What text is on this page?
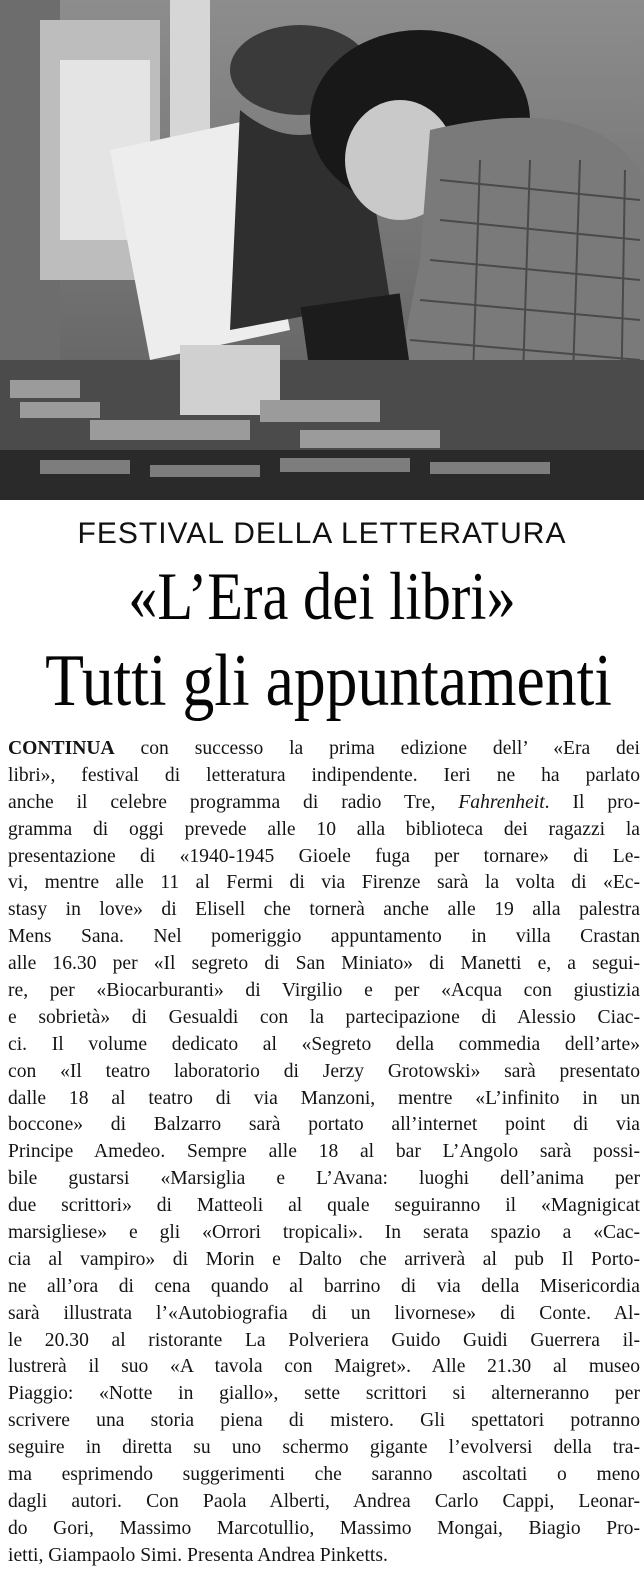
FESTIVAL DELLA LETTERATURA
«L’Era dei libri»
Tutti gli appuntamenti
CONTINUA con successo la prima edizione dell’ «Era dei
libri», festival di letteratura indipendente. Ieri ne ha parlato
anche il celebre programma di radio Tre, Fahrenheit. Il pro-
gramma di oggi prevede alle 10 alla biblioteca dei ragazzi la
presentazione di «1940-1945 Gioele fuga per tornare» di Le-
vi, mentre alle 11 al Fermi di via Firenze sarà la volta di «Ec-
stasy in love» di Elisell che tornerà anche alle 19 alla palestra
Mens Sana. Nel pomeriggio appuntamento in villa Crastan
alle 16.30 per «Il segreto di San Miniato» di Manetti e, a segui-
re, per «Biocarburanti» di Virgilio e per «Acqua con giustizia
e sobrietà» di Gesualdi con la partecipazione di Alessio Ciac-
ci. Il volume dedicato al «Segreto della commedia dell’arte»
con «Il teatro laboratorio di Jerzy Grotowski» sarà presentato
dalle 18 al teatro di via Manzoni, mentre «L’infinito in un
boccone» di Balzarro sarà portato all’internet point di via
Principe Amedeo. Sempre alle 18 al bar L’Angolo sarà possi-
bile gustarsi «Marsiglia e L’Avana: luoghi dell’anima per
due scrittori» di Matteoli al quale seguiranno il «Magnigicat
marsigliese» e gli «Orrori tropicali». In serata spazio a «Cac-
cia al vampiro» di Morin e Dalto che arriverà al pub Il Porto-
ne all’ora di cena quando al barrino di via della Misericordia
sarà illustrata l’«Autobiografia di un livornese» di Conte. Al-
le 20.30 al ristorante La Polveriera Guido Guidi Guerrera il-
lustrerà il suo «A tavola con Maigret». Alle 21.30 al museo
Piaggio: «Notte in giallo», sette scrittori si alterneranno per
scrivere una storia piena di mistero. Gli spettatori potranno
seguire in diretta su uno schermo gigante l’evolversi della tra-
ma esprimendo suggerimenti che saranno ascoltati o meno
dagli autori. Con Paola Alberti, Andrea Carlo Cappi, Leonar-
do Gori, Massimo Marcotullio, Massimo Mongai, Biagio Pro-
ietti, Giampaolo Simi. Presenta Andrea Pinketts.
